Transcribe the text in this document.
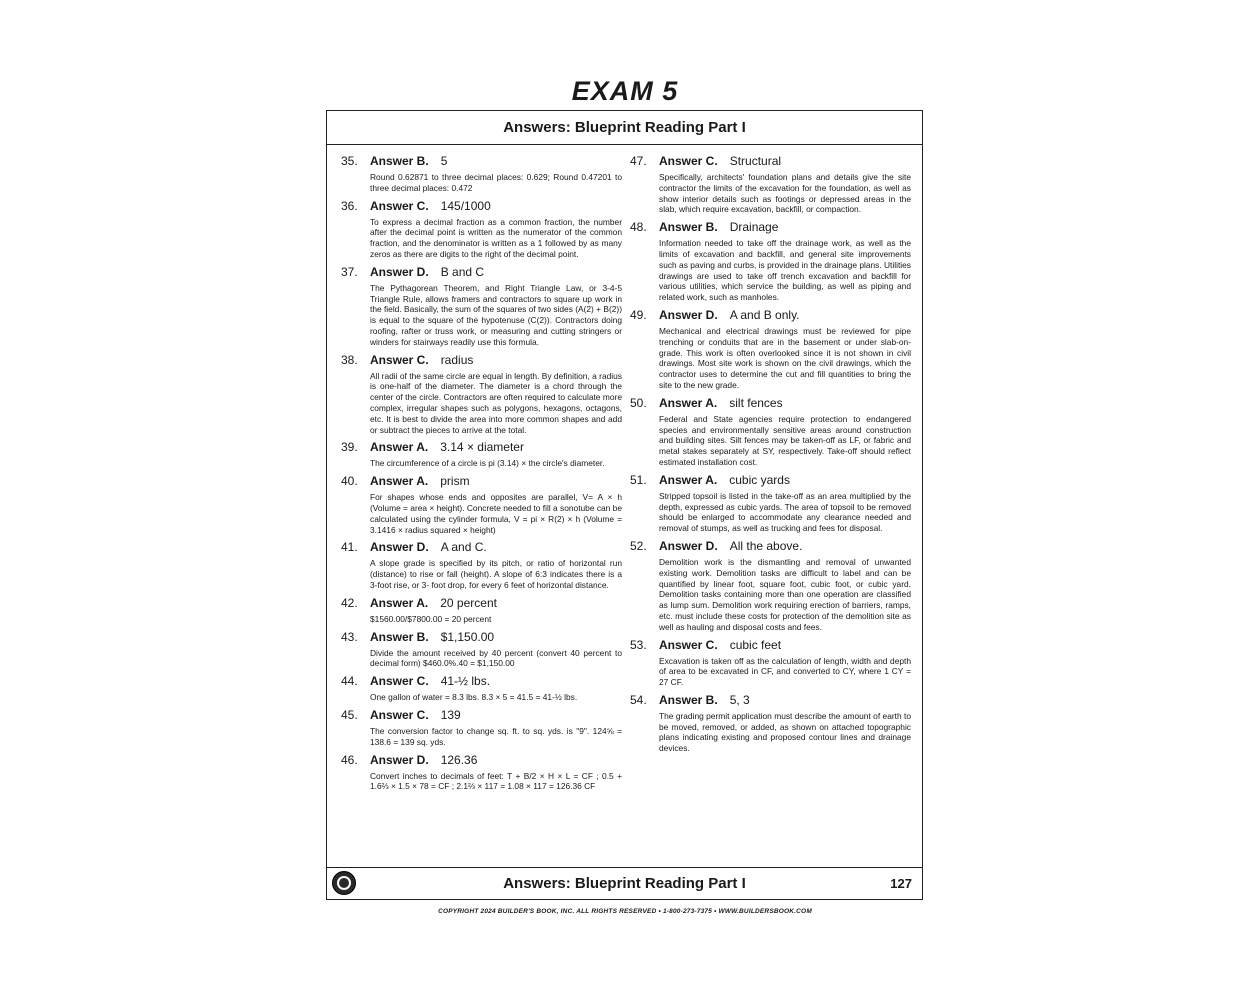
EXAM 5
Answers: Blueprint Reading Part I
35.	Answer B. 5
Round 0.62871 to three decimal places: 0.629; Round 0.47201 to three decimal places: 0.472
36.	Answer C. 145/1000
To express a decimal fraction as a common fraction, the number after the decimal point is written as the numerator of the common fraction, and the denominator is written as a 1 followed by as many zeros as there are digits to the right of the decimal point.
37.	Answer D. B and C
The Pythagorean Theorem, and Right Triangle Law, or 3-4-5 Triangle Rule, allows framers and contractors to square up work in the field. Basically, the sum of the squares of two sides (A(2) + B(2)) is equal to the square of the hypotenuse (C(2)). Contractors doing roofing, rafter or truss work, or measuring and cutting stringers or winders for stairways readily use this formula.
38.	Answer C. radius
All radii of the same circle are equal in length. By definition, a radius is one-half of the diameter. The diameter is a chord through the center of the circle. Contractors are often required to calculate more complex, irregular shapes such as polygons, hexagons, octagons, etc. It is best to divide the area into more common shapes and add or subtract the pieces to arrive at the total.
39.	Answer A. 3.14 × diameter
The circumference of a circle is pi (3.14) × the circle's diameter.
40.	Answer A. prism
For shapes whose ends and opposites are parallel, V= A × h (Volume = area × height). Concrete needed to fill a sonotube can be calculated using the cylinder formula, V = pi × R(2) × h (Volume = 3.1416 × radius squared × height)
41.	Answer D. A and C.
A slope grade is specified by its pitch, or ratio of horizontal run (distance) to rise or fall (height). A slope of 6:3 indicates there is a 3-foot rise, or 3- foot drop, for every 6 feet of horizontal distance.
42.	Answer A. 20 percent
$1560.00/$7800.00 = 20 percent
43.	Answer B. $1,150.00
Divide the amount received by 40 percent (convert 40 percent to decimal form) $460.0%.40 = $1,150.00
44.	Answer C. 41-½ lbs.
One gallon of water = 8.3 lbs. 8.3 × 5 = 41.5 = 41-½ lbs.
45.	Answer C. 139
The conversion factor to change sq. ft. to sq. yds. is "9". 124⅝ = 138.6 = 139 sq. yds.
46.	Answer D. 126.36
Convert inches to decimals of feet: T + B/2 × H × L = CF ; 0.5 + 1.6⅔ × 1.5 × 78 = CF ; 2.1⅔ × 117 = 1.08 × 117 = 126.36 CF
47.	Answer C. Structural
Specifically, architects' foundation plans and details give the site contractor the limits of the excavation for the foundation, as well as show interior details such as footings or depressed areas in the slab, which require excavation, backfill, or compaction.
48.	Answer B. Drainage
Information needed to take off the drainage work, as well as the limits of excavation and backfill, and general site improvements such as paving and curbs, is provided in the drainage plans. Utilities drawings are used to take off trench excavation and backfill for various utilities, which service the building, as well as piping and related work, such as manholes.
49.	Answer D. A and B only.
Mechanical and electrical drawings must be reviewed for pipe trenching or conduits that are in the basement or under slab-on-grade. This work is often overlooked since it is not shown in civil drawings. Most site work is shown on the civil drawings, which the contractor uses to determine the cut and fill quantities to bring the site to the new grade.
50.	Answer A. silt fences
Federal and State agencies require protection to endangered species and environmentally sensitive areas around construction and building sites. Silt fences may be taken-off as LF, or fabric and metal stakes separately at SY, respectively. Take-off should reflect estimated installation cost.
51.	Answer A. cubic yards
Stripped topsoil is listed in the take-off as an area multiplied by the depth, expressed as cubic yards. The area of topsoil to be removed should be enlarged to accommodate any clearance needed and removal of stumps, as well as trucking and fees for disposal.
52.	Answer D. All the above.
Demolition work is the dismantling and removal of unwanted existing work. Demolition tasks are difficult to label and can be quantified by linear foot, square foot, cubic foot, or cubic yard. Demolition tasks containing more than one operation are classified as lump sum. Demolition work requiring erection of barriers, ramps, etc. must include these costs for protection of the demolition site as well as hauling and disposal costs and fees.
53.	Answer C. cubic feet
Excavation is taken off as the calculation of length, width and depth of area to be excavated in CF, and converted to CY, where 1 CY = 27 CF.
54.	Answer B. 5, 3
The grading permit application must describe the amount of earth to be moved, removed, or added, as shown on attached topographic plans indicating existing and proposed contour lines and drainage devices.
Answers: Blueprint Reading Part I	127
COPYRIGHT 2024 BUILDER'S BOOK, INC. ALL RIGHTS RESERVED • 1-800-273-7375 • WWW.BUILDERSBOOK.COM
